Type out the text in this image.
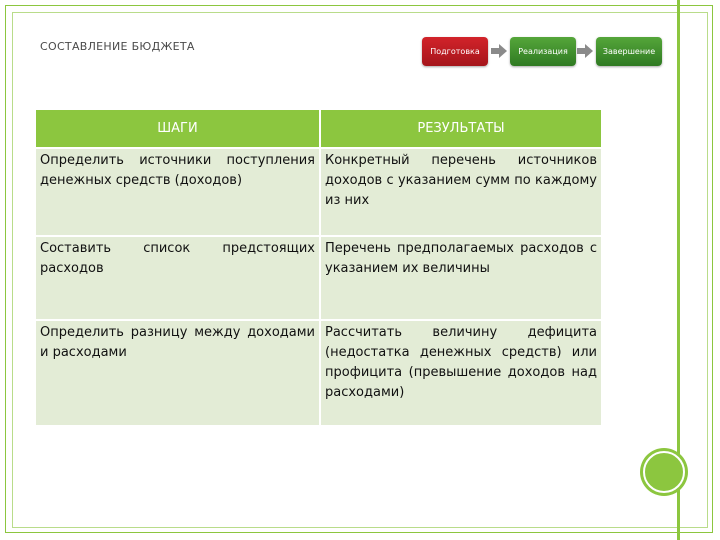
СОСТАВЛЕНИЕ БЮДЖЕТА	Подготовка	Реализация	Завершение
ШАГИ	РЕЗУЛЬТАТЫ
Определить источники поступления денежных средств (доходов)	Конкретный перечень источников доходов с указанием сумм по каждому из них
Составить список предстоящих расходов	Перечень предполагаемых расходов с указанием их величины
Определить разницу между доходами и расходами	Рассчитать величину дефицита (недостатка денежных средств) или профицита (превышение доходов над расходами)
